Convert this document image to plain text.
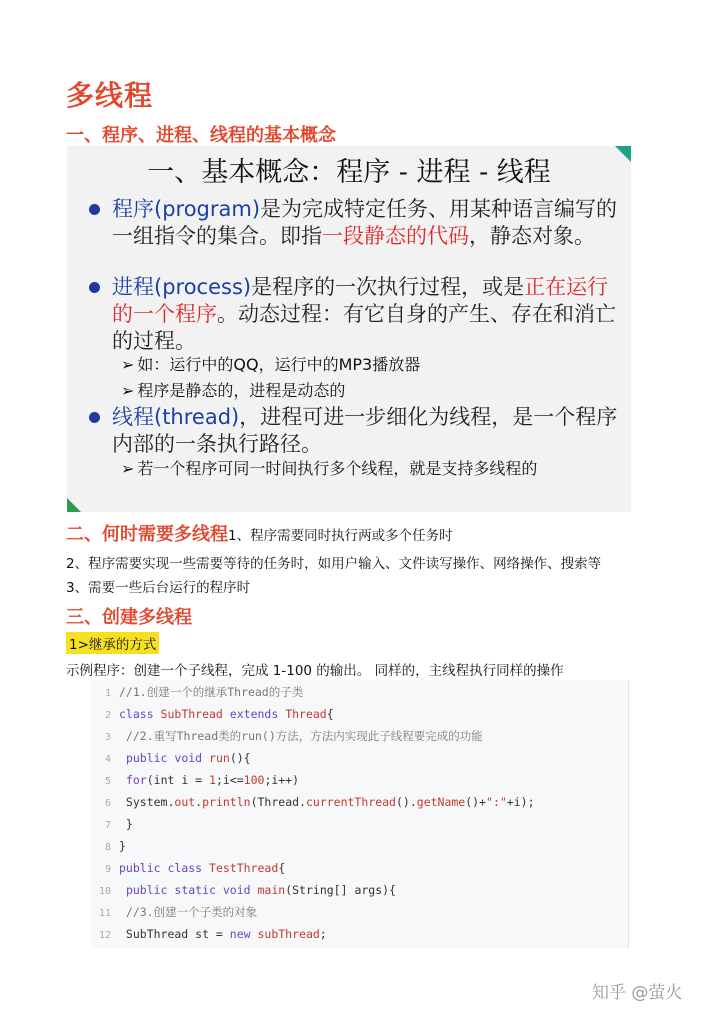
多线程
一、程序、进程、线程的基本概念
一、基本概念：程序 - 进程 - 线程
程序(program)是为完成特定任务、用某种语言编写的一组指令的集合。即指一段静态的代码，静态对象。
进程(process)是程序的一次执行过程，或是正在运行的一个程序。动态过程：有它自身的产生、存在和消亡的过程。
➢ 如：运行中的QQ，运行中的MP3播放器
➢ 程序是静态的，进程是动态的
线程(thread)，进程可进一步细化为线程，是一个程序内部的一条执行路径。
➢ 若一个程序可同一时间执行多个线程，就是支持多线程的
二、何时需要多线程1、程序需要同时执行两或多个任务时
2、程序需要实现一些需要等待的任务时，如用户输入、文件读写操作、网络操作、搜索等
3、需要一些后台运行的程序时
三、创建多线程
1>继承的方式
示例程序：创建一个子线程，完成 1-100 的输出。 同样的，主线程执行同样的操作
1 //1.创建一个的继承Thread的子类
2 class SubThread extends Thread{
3 //2.重写Thread类的run()方法，方法内实现此子线程要完成的功能
4 public void run(){
5 for(int i = 1;i<=100;i++)
6 System.out.println(Thread.currentThread().getName()+":"+i);
7 }
8 }
9 public class TestThread{
10 public static void main(String[] args){
11 //3.创建一个子类的对象
12 SubThread st = new subThread;
知乎 @萤火
